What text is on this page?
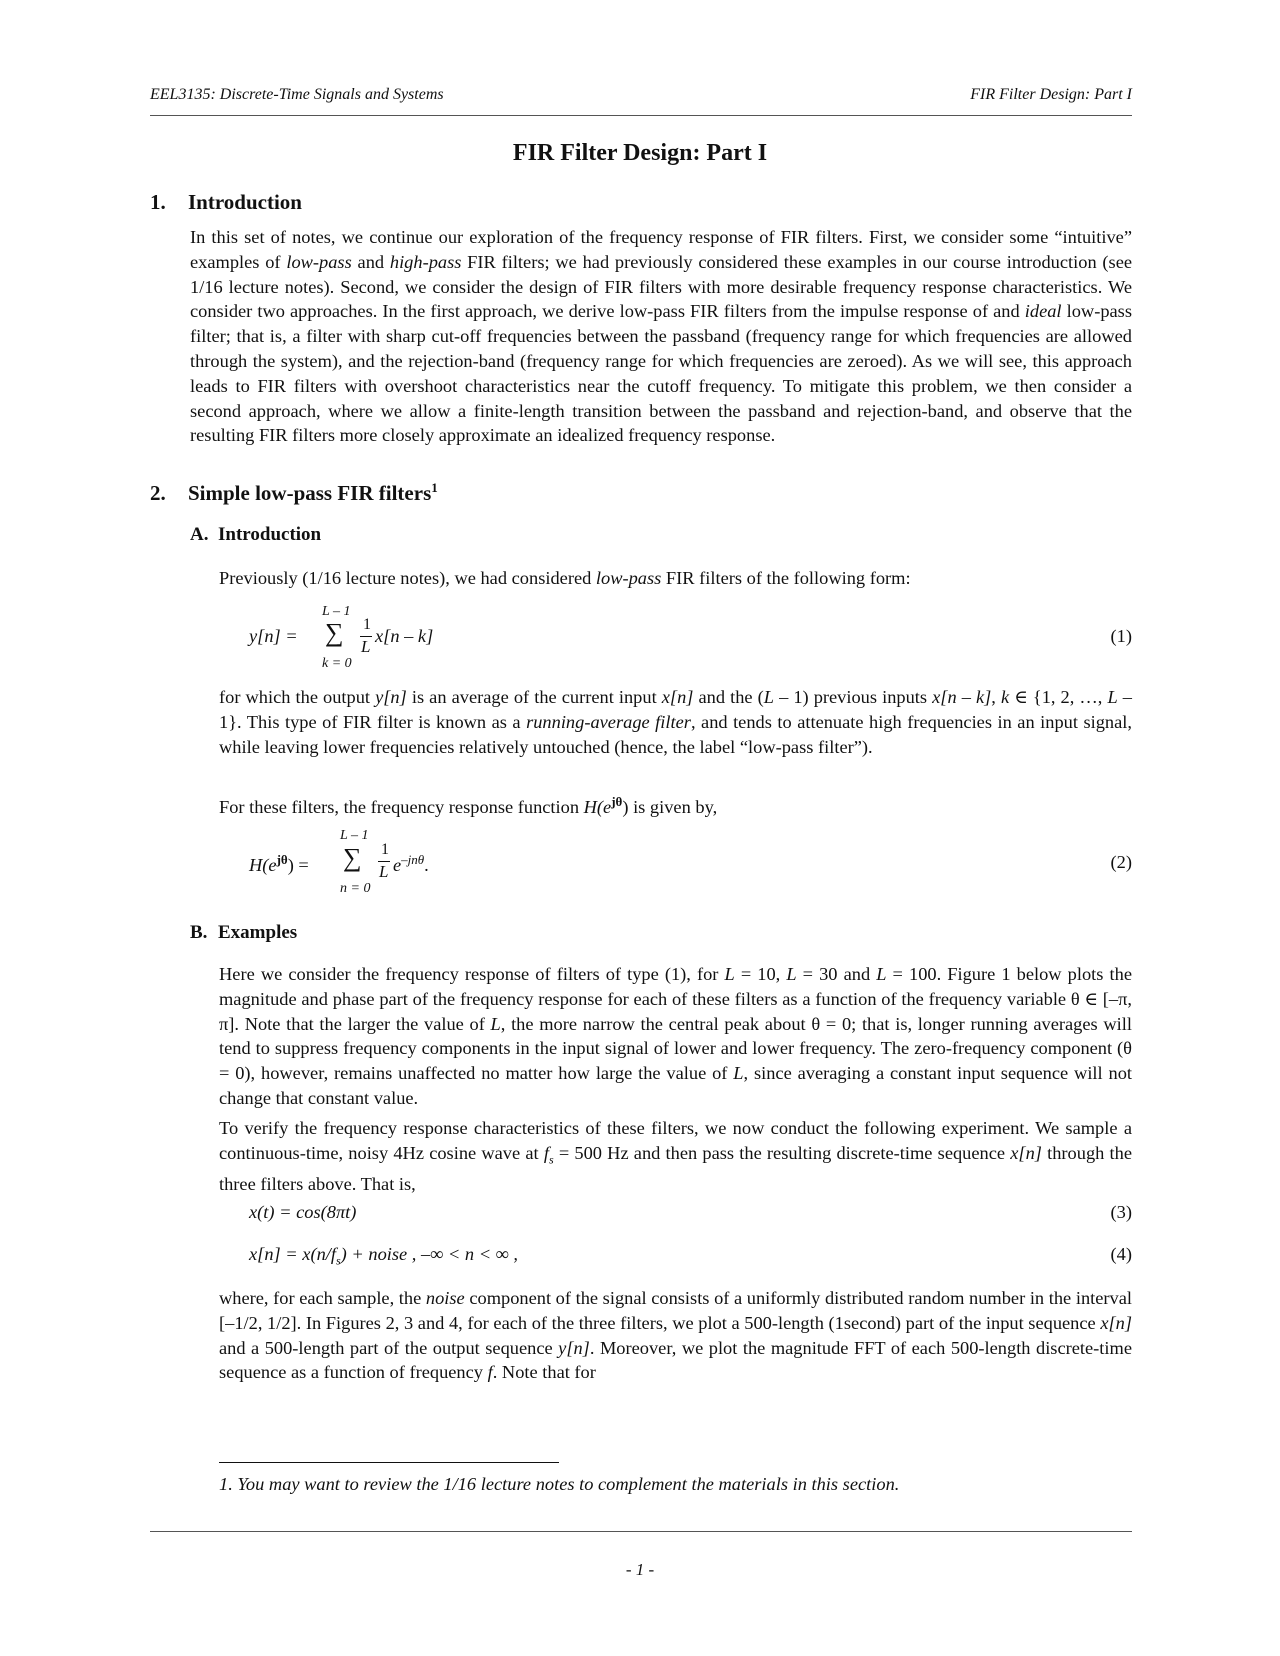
EEL3135: Discrete-Time Signals and Systems	FIR Filter Design: Part I
FIR Filter Design: Part I
1. Introduction
In this set of notes, we continue our exploration of the frequency response of FIR filters. First, we consider some “intuitive” examples of low-pass and high-pass FIR filters; we had previously considered these examples in our course introduction (see 1/16 lecture notes). Second, we consider the design of FIR filters with more desirable frequency response characteristics. We consider two approaches. In the first approach, we derive low-pass FIR filters from the impulse response of and ideal low-pass filter; that is, a filter with sharp cut-off frequencies between the passband (frequency range for which frequencies are allowed through the system), and the rejection-band (frequency range for which frequencies are zeroed). As we will see, this approach leads to FIR filters with overshoot characteristics near the cutoff frequency. To mitigate this problem, we then consider a second approach, where we allow a finite-length transition between the passband and rejection-band, and observe that the resulting FIR filters more closely approximate an idealized frequency response.
2. Simple low-pass FIR filters$^1$
A. Introduction
Previously (1/16 lecture notes), we had considered low-pass FIR filters of the following form:
y[n] =
L – 1
∑
k = 0
1
L
x[n – k]	(1)
for which the output y[n] is an average of the current input x[n] and the (L – 1) previous inputs x[n – k], k ∈ {1, 2, …, L – 1}. This type of FIR filter is known as a running-average filter, and tends to attenuate high frequencies in an input signal, while leaving lower frequencies relatively untouched (hence, the label “low-pass filter”).
For these filters, the frequency response function $H(e^{j\theta})$ is given by,
$H(e^{j\theta})$ =
L – 1
∑
n = 0
1
L $e^{-jn\theta}$.	(2)
B. Examples
Here we consider the frequency response of filters of type (1), for L = 10, L = 30 and L = 100. Figure 1 below plots the magnitude and phase part of the frequency response for each of these filters as a function of the frequency variable θ ∈ [–π, π]. Note that the larger the value of L, the more narrow the central peak about θ = 0; that is, longer running averages will tend to suppress frequency components in the input signal of lower and lower frequency. The zero-frequency component (θ = 0), however, remains unaffected no matter how large the value of L, since averaging a constant input sequence will not change that constant value.
To verify the frequency response characteristics of these filters, we now conduct the following experiment. We sample a continuous-time, noisy 4Hz cosine wave at $f_s = 500$ Hz and then pass the resulting discrete-time sequence x[n] through the three filters above. That is,
x(t) = cos(8πt)	(3)
$x[n] = x(n/f_s)$ + noise , –∞ < n < ∞ ,	(4)
where, for each sample, the noise component of the signal consists of a uniformly distributed random number in the interval [–1/2, 1/2]. In Figures 2, 3 and 4, for each of the three filters, we plot a 500-length (1second) part of the input sequence x[n] and a 500-length part of the output sequence y[n]. Moreover, we plot the magnitude FFT of each 500-length discrete-time sequence as a function of frequency f. Note that for
1. You may want to review the 1/16 lecture notes to complement the materials in this section.
- 1 -
